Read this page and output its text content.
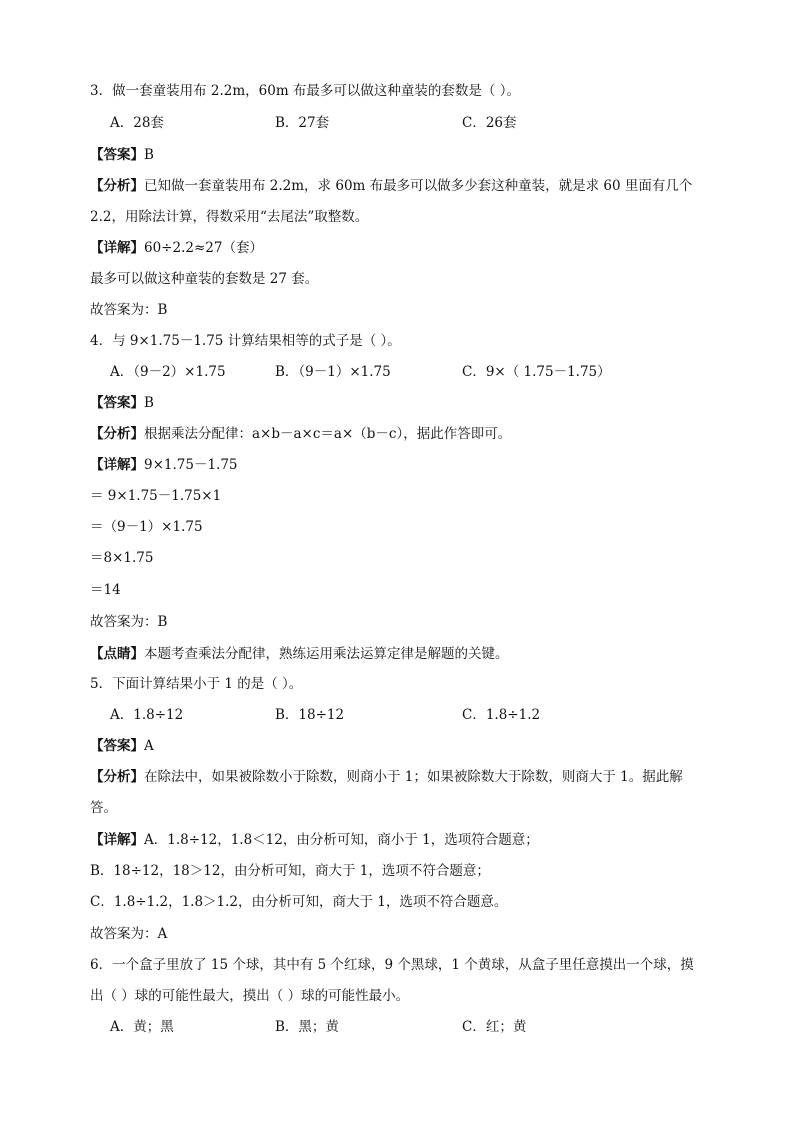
3．做一套童装用布 2.2m，60m 布最多可以做这种童装的套数是（ ）。
A．28套	B．27套	C．26套
【答案】B
【分析】已知做一套童装用布 2.2m，求 60m 布最多可以做多少套这种童装，就是求 60 里面有几个
2.2，用除法计算，得数采用“去尾法”取整数。
【详解】60÷2.2≈27（套）
最多可以做这种童装的套数是 27 套。
故答案为：B
4．与 9×1.75－1.75 计算结果相等的式子是（ ）。
A．（9－2）×1.75	B．（9－1）×1.75	C．9×（ 1.75－1.75）
【答案】B
【分析】根据乘法分配律：a×b－a×c＝a×（b－c），据此作答即可。
【详解】9×1.75－1.75
＝ 9×1.75－1.75×1
＝（9－1）×1.75
＝8×1.75
＝14
故答案为：B
【点睛】本题考查乘法分配律，熟练运用乘法运算定律是解题的关键。
5．下面计算结果小于 1 的是（ ）。
A．1.8÷12	B．18÷12	C．1.8÷1.2
【答案】A
【分析】在除法中，如果被除数小于除数，则商小于 1；如果被除数大于除数，则商大于 1。据此解
答。
【详解】A．1.8÷12，1.8＜12，由分析可知，商小于 1，选项符合题意；
B．18÷12，18＞12，由分析可知，商大于 1，选项不符合题意；
C．1.8÷1.2，1.8＞1.2，由分析可知，商大于 1，选项不符合题意。
故答案为：A
6．一个盒子里放了 15 个球，其中有 5 个红球，9 个黑球，1 个黄球，从盒子里任意摸出一个球，摸
出（ ）球的可能性最大，摸出（ ）球的可能性最小。
A．黄；黑	B．黑；黄	C．红；黄
